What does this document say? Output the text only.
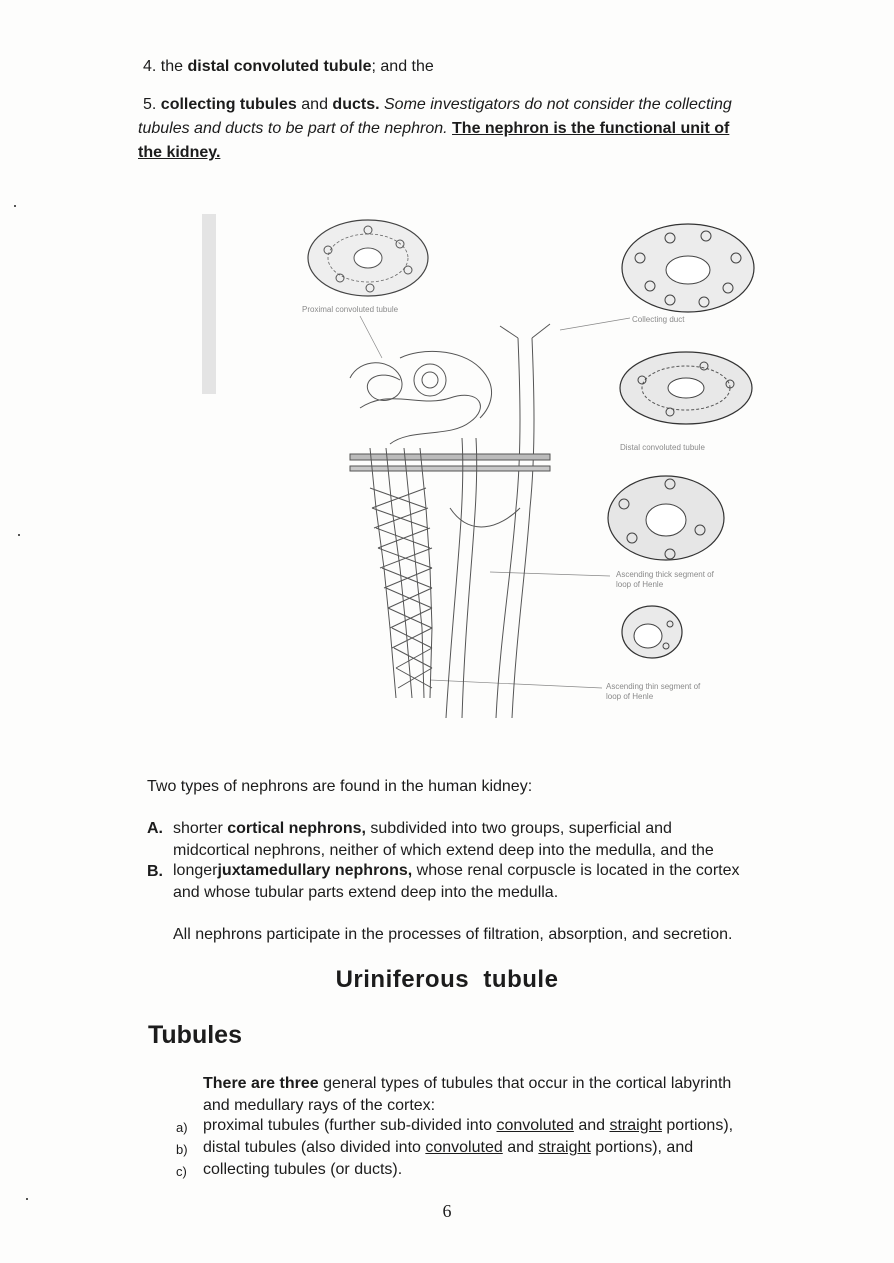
4. the distal convoluted tubule; and the
5. collecting tubules and ducts. Some investigators do not consider the collecting
tubules and ducts to be part of the nephron. The nephron is the functional unit of
the kidney.
Proximal convoluted tubule
Collecting duct
Distal convoluted tubule
Ascending thick segment of
loop of Henle
Ascending thin segment of
loop of Henle
Two types of nephrons are found in the human kidney:
A. shorter cortical nephrons, subdivided into two groups, superficial and
midcortical nephrons, neither of which extend deep into the medulla, and the
B. longerjuxtamedullary nephrons, whose renal corpuscle is located in the cortex
and whose tubular parts extend deep into the medulla.
All nephrons participate in the processes of filtration, absorption, and secretion.
Uriniferous  tubule
Tubules
There are three general types of tubules that occur in the cortical labyrinth
and medullary rays of the cortex:
a) proximal tubules (further sub-divided into convoluted and straight portions),
b) distal tubules (also divided into convoluted and straight portions), and
c) collecting tubules (or ducts).
6
